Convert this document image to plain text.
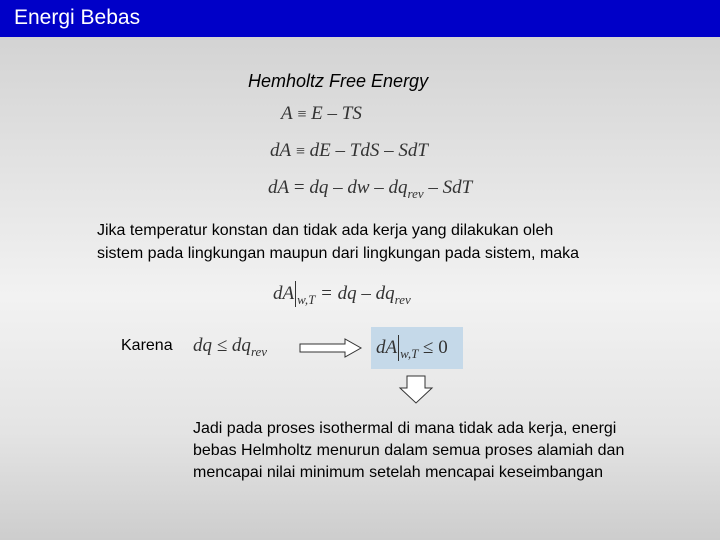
Energi Bebas
Hemholtz Free Energy
A ≡ E – TS
dA ≡ dE – TdS – SdT
dA = dq – dw – $dq_{rev}$ – SdT
Jika temperatur konstan dan tidak ada kerja yang dilakukan oleh
sistem pada lingkungan maupun dari lingkungan pada sistem, maka
dA $_{w,T}$ = dq – $dq_{rev}$
Karena dq ≤ $dq_{rev}$	dA $_{w,T}$ ≤ 0
Jadi pada proses isothermal di mana tidak ada kerja, energi
bebas Helmholtz menurun dalam semua proses alamiah dan
mencapai nilai minimum setelah mencapai keseimbangan
